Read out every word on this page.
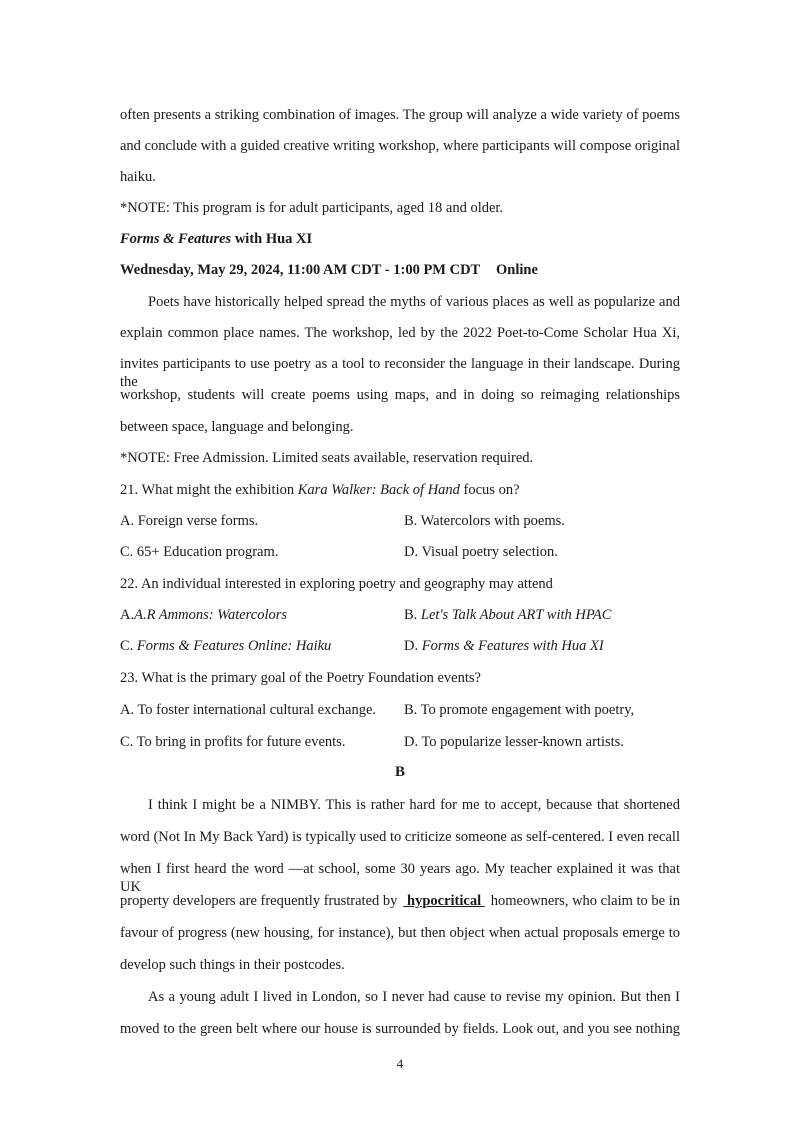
often presents a striking combination of images. The group will analyze a wide variety of poems
and conclude with a guided creative writing workshop, where participants will compose original
haiku.
*NOTE: This program is for adult participants, aged 18 and older.
Forms & Features with Hua XI
Wednesday, May 29, 2024, 11:00 AM CDT - 1:00 PM CDT Online
Poets have historically helped spread the myths of various places as well as popularize and
explain common place names. The workshop, led by the 2022 Poet-to-Come Scholar Hua Xi,
invites participants to use poetry as a tool to reconsider the language in their landscape. During the
workshop, students will create poems using maps, and in doing so reimaging relationships
between space, language and belonging.
*NOTE: Free Admission. Limited seats available, reservation required.
21. What might the exhibition Kara Walker: Back of Hand focus on?
A. Foreign verse forms.	B. Watercolors with poems.
C. 65+ Education program.	D. Visual poetry selection.
22. An individual interested in exploring poetry and geography may attend
A.A.R Ammons: Watercolors	B. Let's Talk About ART with HPAC
C. Forms & Features Online: Haiku	D. Forms & Features with Hua XI
23. What is the primary goal of the Poetry Foundation events?
A. To foster international cultural exchange. B. To promote engagement with poetry,
C. To bring in profits for future events.	D. To popularize lesser-known artists.
B
I think I might be a NIMBY. This is rather hard for me to accept, because that shortened
word (Not In My Back Yard) is typically used to criticize someone as self-centered. I even recall
when I first heard the word —at school, some 30 years ago. My teacher explained it was that UK
property developers are frequently frustrated by hypocritical homeowners, who claim to be in
favour of progress (new housing, for instance), but then object when actual proposals emerge to
develop such things in their postcodes.
As a young adult I lived in London, so I never had cause to revise my opinion. But then I
moved to the green belt where our house is surrounded by fields. Look out, and you see nothing
4
